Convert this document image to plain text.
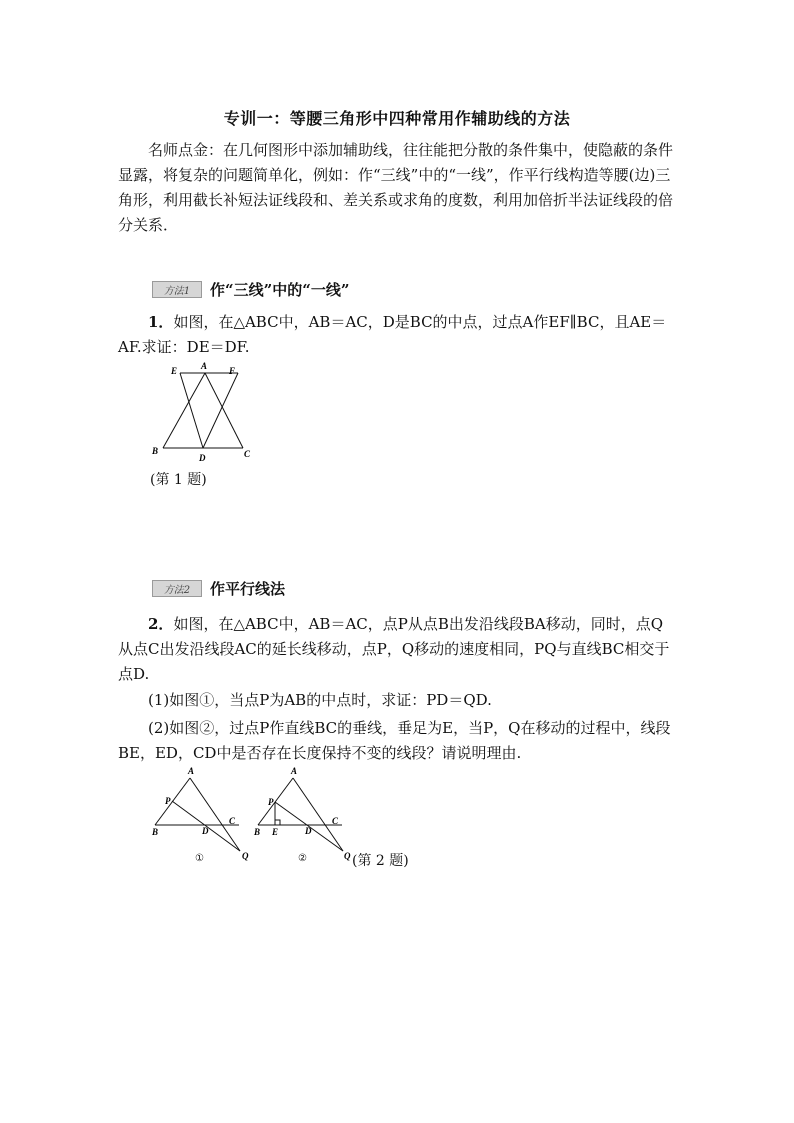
专训一：等腰三角形中四种常用作辅助线的方法
名师点金：在几何图形中添加辅助线，往往能把分散的条件集中，使隐蔽的条件显露，将复杂的问题简单化，例如：作“三线”中的“一线”，作平行线构造等腰(边)三角形，利用截长补短法证线段和、差关系或求角的度数，利用加倍折半法证线段的倍分关系．
方法1	作“三线”中的“一线”
1．如图，在△ABC中，AB＝AC，D是BC的中点，过点A作EF∥BC，且AE＝AF.求证：DE＝DF.
E	A F
B
D	C
(第 1 题)
方法2	作平行线法
2．如图，在△ABC中，AB＝AC，点P从点B出发沿线段BA移动，同时，点Q从点C出发沿线段AC的延长线移动，点P，Q移动的速度相同，PQ与直线BC相交于点D.
(1)如图①，当点P为AB的中点时，求证：PD＝QD.
(2)如图②，过点P作直线BC的垂线，垂足为E，当P，Q在移动的过程中，线段BE，ED，CD中是否存在长度保持不变的线段？请说明理由.
A
P
B	D
C
Q
①
A
P
B E	D
C
Q
②	(第 2 题)
